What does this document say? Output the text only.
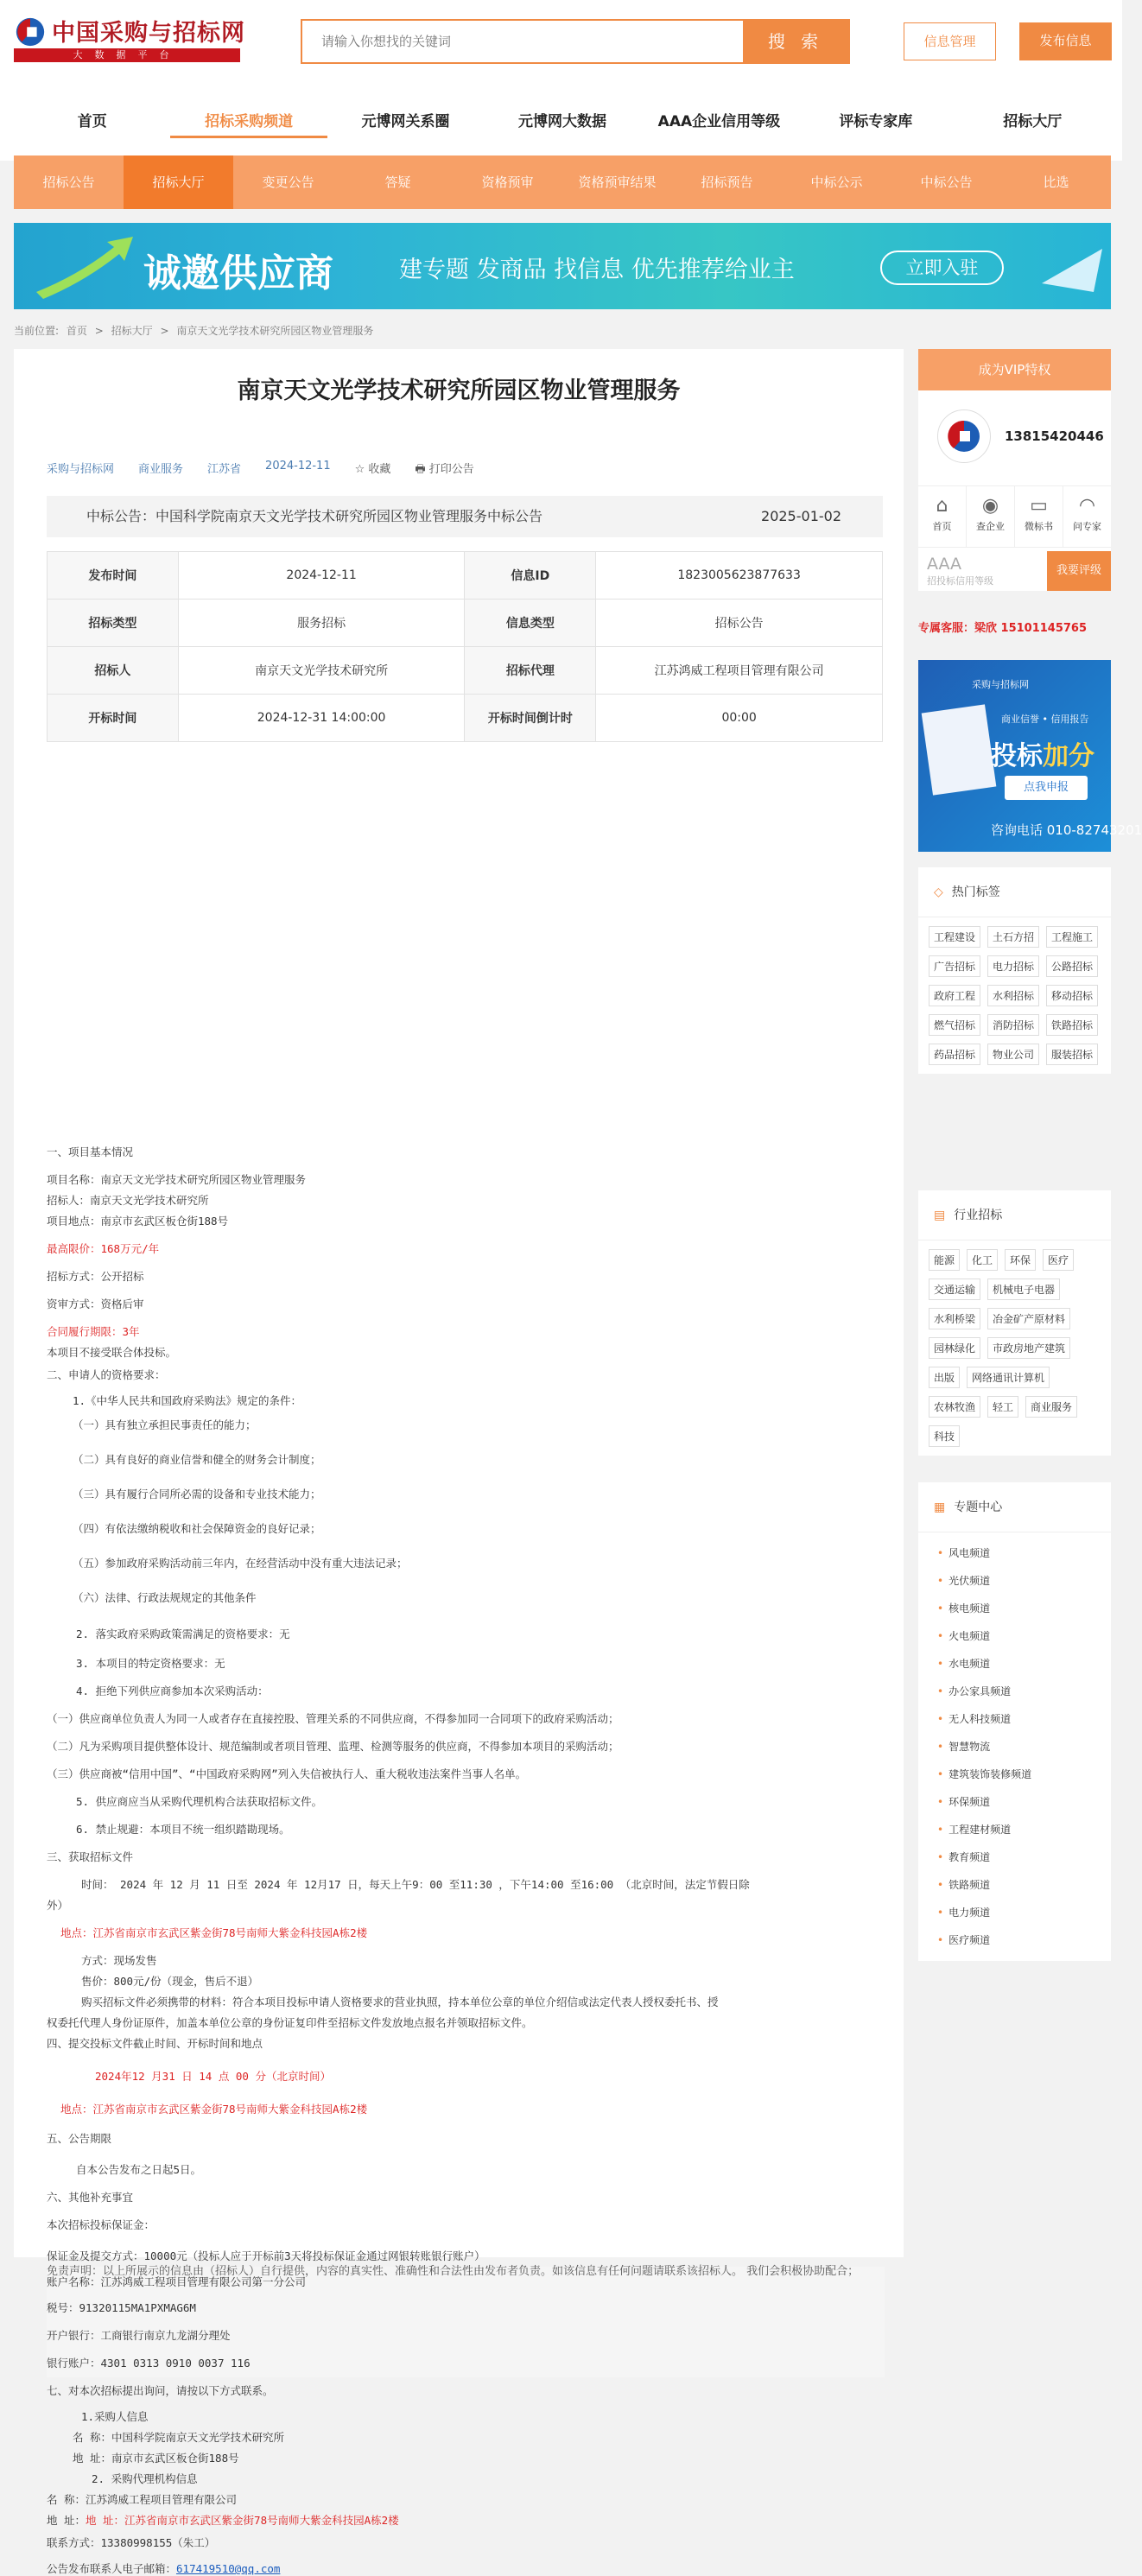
中国采购与招标网
大数据平台
请输入你想找的关键词
搜 索	信息管理	发布信息
首页	招标采购频道	元博网关系圈	元博网大数据	AAA企业信用等级	评标专家库	招标大厅
招标公告	招标大厅	变更公告	答疑	资格预审	资格预审结果	招标预告	中标公示	中标公告	比选
诚邀供应商	建专题 发商品 找信息 优先推荐给业主	立即入驻
当前位置: 首页 > 招标大厅 > 南京天文光学技术研究所园区物业管理服务
南京天文光学技术研究所园区物业管理服务
采购与招标网 商业服务 江苏省 2024-12-11 ☆ 收藏 🖶 打印公告
中标公告：中国科学院南京天文光学技术研究所园区物业管理服务中标公告	2025-01-02
发布时间	2024-12-11	信息ID	1823005623877633
招标类型	服务招标	信息类型	招标公告
招标人	南京天文光学技术研究所	招标代理	江苏鸿威工程项目管理有限公司
开标时间	2024-12-31 14:00:00	开标时间倒计时	00:00

一、项目基本情况

项目名称：南京天文光学技术研究所园区物业管理服务

招标人：南京天文光学技术研究所

项目地点：南京市玄武区板仓街188号

最高限价：168万元/年

招标方式：公开招标

资审方式：资格后审

合同履行期限：3年

本项目不接受联合体投标。

二、申请人的资格要求：

1.《中华人民共和国政府采购法》规定的条件：

（一）具有独立承担民事责任的能力；

（二）具有良好的商业信誉和健全的财务会计制度；

（三）具有履行合同所必需的设备和专业技术能力；

（四）有依法缴纳税收和社会保障资金的良好记录；

（五）参加政府采购活动前三年内，在经营活动中没有重大违法记录；

（六）法律、行政法规规定的其他条件

2. 落实政府采购政策需满足的资格要求：无

3. 本项目的特定资格要求：无

4. 拒绝下列供应商参加本次采购活动：

（一）供应商单位负责人为同一人或者存在直接控股、管理关系的不同供应商，不得参加同一合同项下的政府采购活动；

（二）凡为采购项目提供整体设计、规范编制或者项目管理、监理、检测等服务的供应商，不得参加本项目的采购活动；

（三）供应商被“信用中国”、“中国政府采购网”列入失信被执行人、重大税收违法案件当事人名单。

5. 供应商应当从采购代理机构合法获取招标文件。

6. 禁止规避：本项目不统一组织踏勘现场。

三、获取招标文件

时间： 2024 年 12 月 11 日至 2024 年 12月17 日，每天上午9：00 至11:30 ，下午14:00 至16:00 （北京时间，法定节假日除

外）

地点：江苏省南京市玄武区紫金街78号南师大紫金科技园A栋2楼

方式：现场发售

售价：800元/份（现金，售后不退）

购买招标文件必须携带的材料：符合本项目投标申请人资格要求的营业执照，持本单位公章的单位介绍信或法定代表人授权委托书、授

权委托代理人身份证原件，加盖本单位公章的身份证复印件至招标文件发放地点报名并领取招标文件。

四、提交投标文件截止时间、开标时间和地点

2024年12 月31 日 14 点 00 分（北京时间）

地点：江苏省南京市玄武区紫金街78号南师大紫金科技园A栋2楼

五、公告期限

自本公告发布之日起5日。

六、其他补充事宜

本次招标投标保证金：

保证金及提交方式：10000元（投标人应于开标前3天将投标保证金通过网银转账银行账户）

账户名称：江苏鸿威工程项目管理有限公司第一分公司

税号：91320115MA1PXMAG6M

开户银行：工商银行南京九龙湖分理处

银行账户：4301 0313 0910 0037 116

七、对本次招标提出询问，请按以下方式联系。

1.采购人信息

名 称：中国科学院南京天文光学技术研究所

地 址：南京市玄武区板仓街188号

2. 采购代理机构信息

名 称：江苏鸿威工程项目管理有限公司

地 址：地 址：江苏省南京市玄武区紫金街78号南师大紫金科技园A栋2楼

联系方式：13380998155（朱工）

公告发布联系人电子邮箱：617419510@qq.com

免责声明：以上所展示的信息由（招标人）自行提供，内容的真实性、准确性和合法性由发布者负责。如该信息有任何问题请联系该招标人。 我们会积极协助配合；
成为VIP特权
13815420446
⌂
首页
◉
查企业
▭
微标书
◠
问专家
AAA
招投标信用等级
我要评级
专属客服：梁欣 15101145765
采购与招标网
商业信誉 • 信用报告
投标加分
点我申报
咨询电话 010-82743201
◇ 热门标签
工程建设	土石方招	工程施工
广告招标	电力招标	公路招标
政府工程	水利招标	移动招标
燃气招标	消防招标	铁路招标
药品招标	物业公司	服装招标
▤ 行业招标
能源	化工	环保	医疗
交通运输	机械电子电器
水利桥梁	冶金矿产原材料
园林绿化	市政房地产建筑
出版	网络通讯计算机
农林牧渔	轻工	商业服务
科技
▦ 专题中心
• 风电频道
• 光伏频道
• 核电频道
• 火电频道
• 水电频道
• 办公家具频道
• 无人科技频道
• 智慧物流
• 建筑装饰装修频道
• 环保频道
• 工程建材频道
• 教育频道
• 铁路频道
• 电力频道
• 医疗频道
